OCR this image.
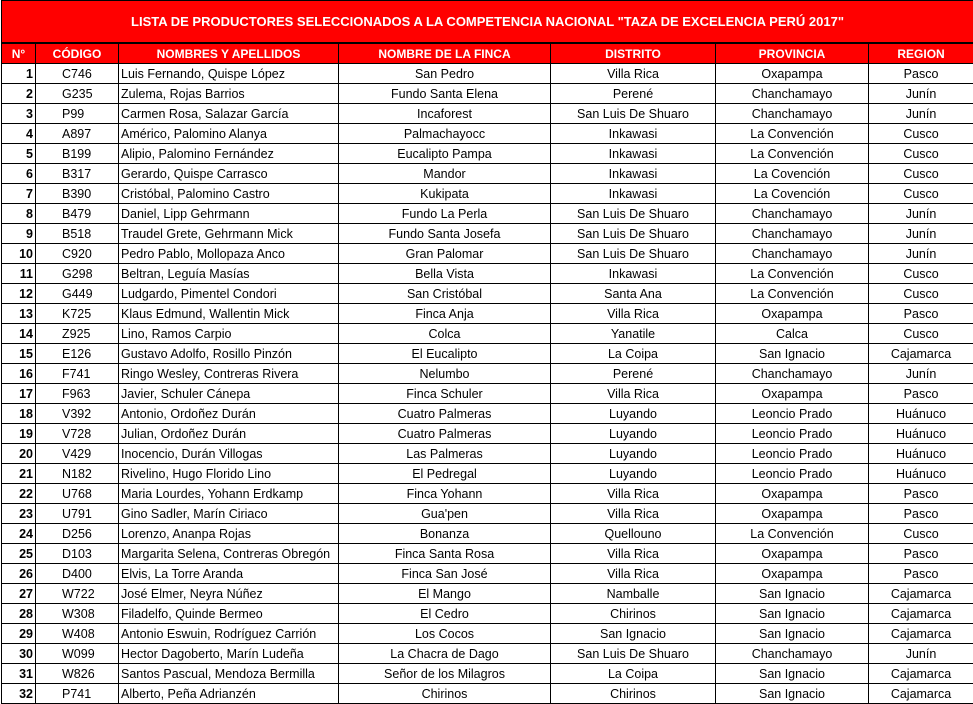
LISTA DE PRODUCTORES SELECCIONADOS A LA COMPETENCIA NACIONAL "TAZA DE EXCELENCIA PERÚ 2017"						
N°	CÓDIGO	NOMBRES Y APELLIDOS	NOMBRE DE LA FINCA	DISTRITO	PROVINCIA	REGION
1	C746	Luis Fernando, Quispe López	San Pedro	Villa Rica	Oxapampa	Pasco
2	G235	Zulema, Rojas Barrios	Fundo Santa Elena	Perené	Chanchamayo	Junín
3	P99	Carmen Rosa, Salazar García	Incaforest	San Luis De Shuaro	Chanchamayo	Junín
4	A897	Américo, Palomino Alanya	Palmachayocc	Inkawasi	La Convención	Cusco
5	B199	Alipio, Palomino Fernández	Eucalipto Pampa	Inkawasi	La Convención	Cusco
6	B317	Gerardo, Quispe Carrasco	Mandor	Inkawasi	La Covención	Cusco
7	B390	Cristóbal, Palomino Castro	Kukipata	Inkawasi	La Covención	Cusco
8	B479	Daniel, Lipp Gehrmann	Fundo La Perla	San Luis De Shuaro	Chanchamayo	Junín
9	B518	Traudel Grete, Gehrmann Mick	Fundo Santa Josefa	San Luis De Shuaro	Chanchamayo	Junín
10	C920	Pedro Pablo, Mollopaza Anco	Gran Palomar	San Luis De Shuaro	Chanchamayo	Junín
11	G298	Beltran, Leguía Masías	Bella Vista	Inkawasi	La Convención	Cusco
12	G449	Ludgardo, Pimentel Condori	San Cristóbal	Santa Ana	La Convención	Cusco
13	K725	Klaus Edmund, Wallentin Mick	Finca Anja	Villa Rica	Oxapampa	Pasco
14	Z925	Lino, Ramos Carpio	Colca	Yanatile	Calca	Cusco
15	E126	Gustavo Adolfo, Rosillo Pinzón	El Eucalipto	La Coipa	San Ignacio	Cajamarca
16	F741	Ringo Wesley, Contreras Rivera	Nelumbo	Perené	Chanchamayo	Junín
17	F963	Javier, Schuler Cánepa	Finca Schuler	Villa Rica	Oxapampa	Pasco
18	V392	Antonio, Ordoñez Durán	Cuatro Palmeras	Luyando	Leoncio Prado	Huánuco
19	V728	Julian, Ordoñez Durán	Cuatro Palmeras	Luyando	Leoncio Prado	Huánuco
20	V429	Inocencio, Durán Villogas	Las Palmeras	Luyando	Leoncio Prado	Huánuco
21	N182	Rivelino, Hugo Florido Lino	El Pedregal	Luyando	Leoncio Prado	Huánuco
22	U768	Maria Lourdes, Yohann Erdkamp	Finca Yohann	Villa Rica	Oxapampa	Pasco
23	U791	Gino Sadler, Marín Ciriaco	Gua'pen	Villa Rica	Oxapampa	Pasco
24	D256	Lorenzo, Ananpa Rojas	Bonanza	Quellouno	La Convención	Cusco
25	D103	Margarita Selena, Contreras Obregón	Finca Santa Rosa	Villa Rica	Oxapampa	Pasco
26	D400	Elvis, La Torre Aranda	Finca San José	Villa Rica	Oxapampa	Pasco
27	W722	José Elmer, Neyra Núñez	El Mango	Namballe	San Ignacio	Cajamarca
28	W308	Filadelfo, Quinde Bermeo	El Cedro	Chirinos	San Ignacio	Cajamarca
29	W408	Antonio Eswuin, Rodríguez Carrión	Los Cocos	San Ignacio	San Ignacio	Cajamarca
30	W099	Hector Dagoberto, Marín Ludeña	La Chacra de Dago	San Luis De Shuaro	Chanchamayo	Junín
31	W826	Santos Pascual, Mendoza Bermilla	Señor de los Milagros	La Coipa	San Ignacio	Cajamarca
32	P741	Alberto, Peña Adrianzén	Chirinos	Chirinos	San Ignacio	Cajamarca
